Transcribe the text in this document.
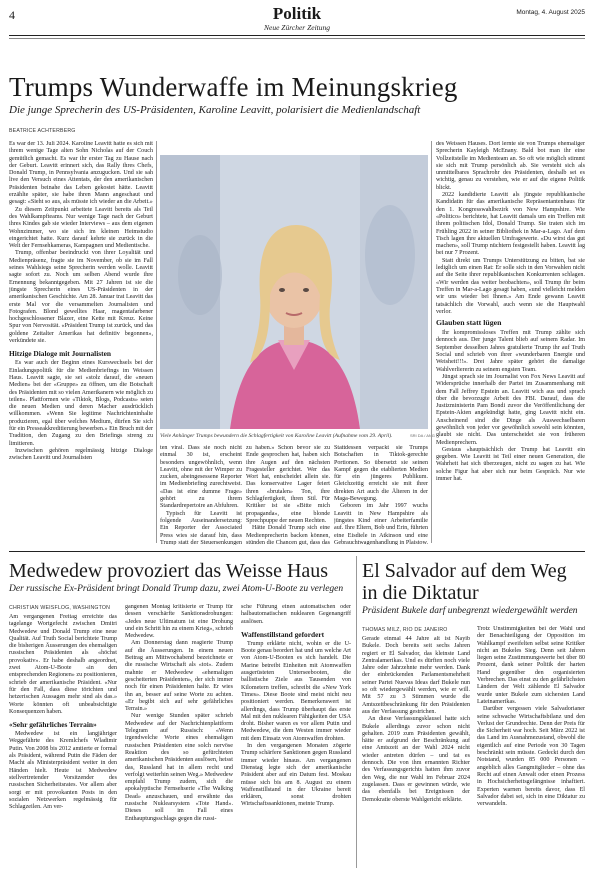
4	Politik
Neue Zürcher Zeitung
Montag, 4. August 2025
Trumps Wunderwaffe im Meinungskrieg
Die junge Sprecherin des US-Präsidenten, Karoline Leavitt, polarisiert die Medienlandschaft
BEATRICE ACHTERBERG

Es war der 13. Juli 2024. Karoline Leavitt hatte es sich mit ihrem wenige Tage alten Sohn Nicholas auf der Couch gemütlich gemacht. Es war ihr erster Tag zu Hause nach der Geburt. Leavitt erinnert sich, das Rally ihres Chefs, Donald Trump, in Pennsylvania anzugucken. Und sie sah live den Versuch eines Attentats, der den amerikanischen Präsidenten beinahe das Leben gekostet hätte. Leavitt erzählte später, sie habe ihren Mann angeschaut und gesagt: «Sieht so aus, als müsste ich wieder an die Arbeit.»

Zu diesem Zeitpunkt arbeitete Leavitt bereits als Teil des Wahlkampfteams. Nur wenige Tage nach der Geburt ihres Kindes gab sie wieder Interviews – aus dem eigenen Wohnzimmer, wo sie sich im kleinen Heimstudio eingerichtet hatte. Kurz darauf kehrte sie zurück in die Welt der Fernsehkameras, Kampagnen und Medientische.

Trump, offenbar beeindruckt von ihrer Loyalität und Medienpräsenz, fragte sie im November, ob sie im Fall seines Wahlsiegs seine Sprecherin werden wolle. Leavitt sagte sofort zu. Noch um selben Abend wurde ihre Ernennung bekanntgegeben. Mit 27 Jahren ist sie die jüngste Sprecherin eines US-Präsidenten in der amerikanischen Geschichte. Am 28. Januar trat Leavitt das erste Mal vor die versammelten Journalisten und Fotografen. Blond gewelltes Haar, magentafarbener hochgeschlossener Blazer, eine Kette mit Kreuz. Keine Spur von Nervosität. «Präsident Trump ist zurück, und das goldene Zeitalter Amerikas hat definitiv begonnen», verkündete sie.

Hitzige Dialoge mit Journalisten

Es war auch der Beginn eines Kurswechsels bei der Einladungspolitik für die Medienbriefings im Weissen Haus. Leavitt sagte, sie sei «stolz darauf, die «neuen Medien» bei der «Gruppe» zu öffnen, um die Botschaft des Präsidenten mit so vielen Amerikanern wie möglich zu teilen». Plattformen wie «Tiktok, Blogs, Podcasts» seien die neuen Medien und deren Macher ausdrücklich willkommen. «Wenn Sie legitime Nachrichteninhalte produzieren, egal über welches Medium, dürfen Sie sich für ein Presseakkreditierung bewerben.» Ein Bruch mit der Tradition, den Zugang zu den Briefings streng zu limitieren.

Inzwischen gehören regelmässig hitzige Dialoge zwischen Leavitt und Journalisten

Viele Anhänger Trumps bewundern die Schlagfertigkeit von Karoline Leavitt (Aufnahme vom 29. April).	SRI DA / ANG

ten viral. Dass sie noch nicht einmal 30 ist, erscheint besonders ungewöhnlich, wenn Leavitt, ohne mit der Wimper zu zucken, abeingesessene Reporter im Medienbriefing zurechtweist. «Das ist eine dumme Frage» gehört zu ihrem Standardrepertoire an Abfuhren.

Typisch für Leavitt ist folgende Auseinandersetzung: Ein Reporter der Associated Press wies sie darauf hin, dass Trump statt der Steuersenkungen

zu haben.» Schon bevor sie zu Ende gesprochen hat, haben sich ihre Augen auf den nächsten Fragesteller gerichtet. Wer das Wort hat, entscheidet allein sie. Das konservative Lager feiert ihren «brutalen» Ton, ihre Schlagfertigkeit, ihren Stil. Für Kritiker ist sie «Bitte mich propaganda», eine blonde Sprechpuppe der neuen Rechten.

Hätte Donald Trump sich eine Medienprecherin backen können, stünden die Chancen gut, dass das

Stattdessen verpackt sie Trumps Botschaften in Tiktok-gerechte Portionen. So übersetzt sie seinen Kampf gegen die etablierten Medien für ein jüngeres Publikum. Gleichzeitig erreicht sie mit ihrer direkten Art auch die Älteren in der Maga-Bewegung.

Geboren im Jahr 1997 wuchs Leavitt in New Hampshire als jüngstes Kind einer Arbeiterfamilie auf. Ihre Eltern, Bob und Erin, führten eine Eisdiele in Atkinson und eine Gebrauchtwagenhandlung in Plaistow.

des Weissen Hauses. Dort lernte sie von Trumps ehemaliger Sprecherin Kayleigh McEnany. Bald bot man ihr eine Vollzeitstelle im Medienteam an. So oft wie möglich stimmt sie sich mit Trump persönlich ab. Sie versteht sich als unmittelbares Sprachrohr des Präsidenten, deshalb sei es wichtig, genau zu verstehen, wie er auf die eigene Politik blickt.

2022 kandidierte Leavitt als jüngste republikanische Kandidatin für das amerikanische Repräsentantenhaus für den 1. Kongresswahlbezirk von New Hampshire. Wie «Politico» berichtete, hat Leavitt damals um ein Treffen mit ihrem politischen Idol, Donald Trump. Sie traten sich im Frühling 2022 in seiner Bibliothek in Mar-a-Lago. Auf dem Tisch lagen ihre aktuellen Umfragewerte. «Du wirst das gut machen», soll Trump nüchtern festgestellt haben. Leavitt lag bei nur 7 Prozent.

Statt direkt um Trumps Unterstützung zu bitten, bat sie lediglich um einen Rat: Er solle sich in den Vorwahlen nicht auf die Seite ihrer republikanischen Konkurrenten schlagen. «Wir werden das weiter beobachten», soll Trump ihr beim Treffen in Mar-a-Lago gesagt haben, «und vielleicht melden wir uns wieder bei Ihnen.» Am Ende gewann Leavitt tatsächlich die Vorwahl, auch wenn sie die Hauptwahl verlor.

Glauben statt lügen

Ihr kompromissloses Treffen mit Trump zählte sich dennoch aus. Der junge Talent blieb auf seinem Radar. Im September desselben Jahres gratulierte Trump ihr auf Truth Social und schrieb von ihrer «wunderbaren Energie und Weisheit!!!». Drei Jahre später gehört die damalige Wahlverliererin zu seinem engsten Team.

Jüngst sprach sie im Journalist von Fox News Leavitt auf Widersprüche innerhalb der Partei im Zusammenhang mit dem Fall Jeffrey Epstein an. Leavitt wich aus und sprach über die bevorzugte Arbeit des FBI. Darauf, dass die Justizministerin Pam Bondi zuvor die Veröffentlichung der Epstein-Akten angekündigt hatte, ging Leavitt nicht ein. Anscheinend sind die Dinge als Auswechselbaren gewöhnlich von jeder vor gewöhnlich sowohl sein könnten, glaubt sie nicht. Das unterscheidet sie von früheren Medienprechern.

Gestaus «hauptsächlich der Trump hat Leavitt ein gegeben. Wie Leavitt ist Teil einer neuen Generation, die Wahrheit hat sich überzeugen, nicht zu sagen zu hat. Wie solche Figur hat aber sich nur beim Gespräch. Nur wie immer hat.

Medwedew provoziert das Weisse Haus
Der russische Ex-Präsident bringt Donald Trump dazu, zwei Atom-U-Boote zu verlegen
CHRISTIAN WEISFLOG, WASHINGTON

Am vergangenen Freitag erreichte das tagelange Wortgefecht zwischen Dmitri Medwedew und Donald Trump eine neue Qualität. Auf Truth Social berichtete Trump die bisherigen Äusserungen des ehemaligen russischen Präsidenten als «höchst provokativ». Er habe deshalb angeordnet, zwei Atom-U-Boote «in den entsprechenden Regionen» zu positionieren, schrieb der amerikanische Präsident. «Nur für den Fall, dass diese törichten und hetzerischen Aussagen mehr sind als das.» Worte könnten oft unbeabsichtigte Konsequenzen haben.

«Sehr gefährliches Terrain»

Medwedew ist ein langjähriger Weggefährte des Kremlchefs Wladimir Putin. Von 2008 bis 2012 amtierte er formal als Präsident, während Putin die Fäden der Macht als Ministerpräsident weiter in den Händen hielt. Heute ist Medwedew stellvertretender Vorsitzender des russischen Sicherheitsrates. Vor allem aber sorgt er mit provokanten Posts in den sozialen Netzwerken regelmässig für Schlagzeilen. Am ver-

gangenen Montag kritisierte er Trump für dessen verschärfte Sanktionsdrohungen: «Jedes neue Ultimatum ist eine Drohung und ein Schritt hin zu einem Krieg», schrieb Medwedew.

Am Donnerstag dann reagierte Trump auf die Äusserungen. In einem neuen Beitrag am Mittwochabend bezeichnete er die russische Wirtschaft als «tot». Zudem mahnte er Medwedew «ehemaligen gescheiterten Präsidenten», der sich immer noch für einen Präsidenten halte. Er wies ihn an, besser auf seine Worte zu achten. «Er begibt sich auf sehr gefährliches Terrain.»

Nur wenige Stunden später schrieb Medwedew auf der Nachrichtenplattform Telegram auf Russisch: «Wenn irgendwelche Worte eines ehemaligen russischen Präsidenten eine solch nervöse Reaktion des so gefürchteten amerikanischen Präsidenten auslösen, heisst das, Russland hat in allem recht und verfolgt weiterhin seinen Weg.» Medwedew empfahl Trump zudem, sich die apokalyptische Fernsehserie «The Walking Dead» anzuschauen, und erwähnte das russische Nuklearsystem «Tote Hand». Dieses soll im Fall eines Enthauptungsschlags gegen die russi-

sche Führung einen automatischen oder halbautomatischen nuklearen Gegenangriff auslösen.

Waffenstillstand gefordert

Trump erklärte nicht, wohin er die U-Boote genau beordert hat und um welche Art von Atom-U-Booten es sich handelt. Die Marine betreibt Einheiten mit Atomwaffen ausgerüsteten Unterseebooten, die ballistische Ziele aus Tausenden von Kilometern treffen, schreibt die «New York Times». Diese Boote sind meist nicht neu positioniert werden. Bemerkenswert ist allerdings, dass Trump überhaupt das erste Mal mit den nuklearen Fähigkeiten der USA droht. Bisher waren es vor allem Putin und Medwedew, die dem Westen immer wieder mit dem Einsatz von Atomwaffen drohten.

In den vergangenen Monaten zögerte Trump schärfere Sanktionen gegen Russland immer wieder hinaus. Am vergangenen Dienstag legte sich der amerikanische Präsident aber auf ein Datum fest. Moskau müsse sich bis am 8. August zu einem Waffenstillstand in der Ukraine bereit erklären, sonst drohten Wirtschaftssanktionen, meinte Trump.

El Salvador auf dem Weg in die Diktatur
Präsident Bukele darf unbegrenzt wiedergewählt werden
THOMAS MILZ, RIO DE JANEIRO

Gerade einmal 44 Jahre alt ist Nayib Bukele. Doch bereits seit sechs Jahren regiert er El Salvador, das kleinste Land Zentralamerikas. Und es dürften noch viele Jahre oder Jahrzehnte mehr werden. Dank der einbrückenden Parlamentsmehrheit seiner Partei Nuevas Ideas darf Bukele nun so oft wiedergewählt werden, wie er will. Mit 57 zu 3 Stimmen wurde die Amtszeitbeschränkung für den Präsidenten aus der Verfassung gestrichen.

An diese Verfassungsklausel hatte sich Bukele allerdings zuvor schon nicht gehalten. 2019 zum Präsidenten gewählt, hätte er aufgrund der Beschränkung auf eine Amtszeit an der Wahl 2024 nicht wieder antreten dürfen – und tat es dennoch. Die von ihm ernannten Richter des Verfassungsgerichts hatten ihm zuvor den Weg, die nur Wahl im Februar 2024 zugelassen. Dass er gewinnen würde, wie das ebenfalls bei Ereignissen der Demokratie oberste Wahlgericht erklärte.

Trotz Unstimmigkeiten bei der Wahl und der Benachteiligung der Opposition im Wahlkampf zweifelten selbst seine Kritiker nicht an Bukeles Sieg. Denn seit Jahren liegen seine Zustimmungswerte bei über 80 Prozent, dank seiner Politik der harten Hand gegenüber den organisierten Verbrechen. Das einst zu den gefährlichsten Ländern der Welt zählende El Salvador wurde unter Bukele zum sichersten Land Lateinamerikas.

Darüber vergessen viele Salvadorianer seine schwache Wirtschaftsbilanz und den Verlust der Grundrechte. Denn der Preis für die Sicherheit war hoch. Seit März 2022 ist das Land im Ausnahmezustand, obwohl die eigentlich auf eine Periode von 30 Tagen beschränkt sein müsste. Gedeckt durch den Notstand, wurden 85 000 Personen – angeblich alles Gangmitglieder – ohne das Recht auf einen Anwalt oder einen Prozess in Hochsicherheitsgefängnisse inhaftiert. Experten warnen bereits davor, dass El Salvador dabei sei, sich in eine Diktatur zu verwandeln.
